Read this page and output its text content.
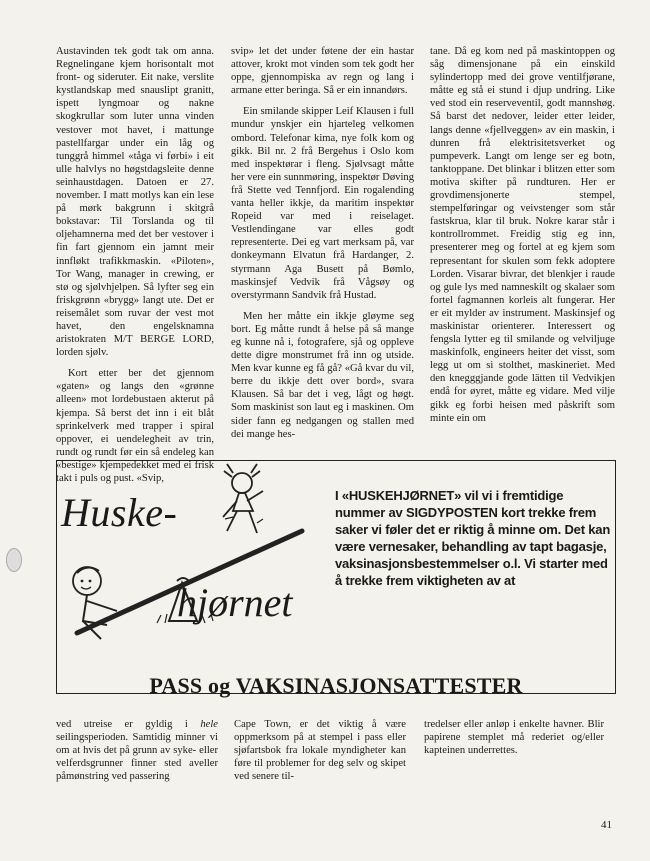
Austavinden tek godt tak om anna. Regnelingane kjem horisontalt mot front- og sideruter. Eit nake, verslite kystlandskap med snauslipt granitt, ispett lyngmoar og nakne skogkrullar som luter unna vinden vestover mot havet, i mattunge pastellfargar under ein låg og tunggrå himmel «tåga vi førbi» i eit ulle halvlys no høgstdagsleite denne seinhaustdagen. Datoen er 27. november. I matt motlys kan ein lese på mørk bakgrunn i skitgrå bokstavar: Til Torslanda og til oljehamnerna med det ber vestover i fin fart gjennom ein jamnt meir innfløkt trafikkmaskin. «Piloten», Tor Wang, manager in crewing, er stø og sjølvhjelpen. Så lyfter seg ein friskgrønn «brygg» langt ute. Det er reisemålet som ruvar der vest mot havet, den engelsknamna aristokraten M/T BERGE LORD, lorden sjølv.

Kort etter ber det gjennom «gaten» og langs den «grønne alleen» mot lordebustaen akterut på kjempa. Så berst det inn i eit blåt sprinkelverk med trapper i spiral oppover, ei uendelegheit av trin, rundt og rundt før ein så endeleg kan «bestige» kjempedekket med ei frisk takt i puls og pust. «Svip,

svip» let det under føtene der ein hastar attover, krokt mot vinden som tek godt her oppe, gjennompiska av regn og lang i armane etter beringa. Så er ein innandørs.

Ein smilande skipper Leif Klausen i full mundur ynskjer ein hjarteleg velkomen ombord. Telefonar kima, nye folk kom og gikk. Bil nr. 2 frå Bergehus i Oslo kom med inspektørar i fleng. Sjølvsagt måtte her vere ein sunnmøring, inspektør Døving frå Stette ved Tennfjord. Ein rogalending vanta heller ikkje, da maritim inspektør Ropeid var med i reiselaget. Vestlendingane var elles godt representerte. Dei eg vart merksam på, var donkeymann Elvatun frå Hardanger, 2. styrmann Aga Busett på Bømlo, maskinsjef Vedvik frå Vågsøy og overstyrmann Sandvik frå Hustad.

Men her måtte ein ikkje gløyme seg bort. Eg måtte rundt å helse på så mange eg kunne nå i, fotografere, sjå og oppleve dette digre monstrumet frå inn og utside. Men kvar kunne eg få gå? «Gå kvar du vil, berre du ikkje dett over bord», svara Klausen. Så bar det i veg, lågt og høgt. Som maskinist son laut eg i maskinen. Om sider fann eg nedgangen og stallen med dei mange hes-

tane. Då eg kom ned på maskintoppen og såg dimensjonane på ein einskild sylindertopp med dei grove ventilfjørane, måtte eg stå ei stund i djup undring. Like ved stod ein reserveventil, godt mannshøg. Så barst det nedover, leider etter leider, langs denne «fjellveggen» av ein maskin, i dunren frå elektrisitetsverket og pumpeverk. Langt om lenge ser eg botn, tanktoppane. Det blinkar i blitzen etter som motiva skifter på rundturen. Her er grovdimensjonerte stempel, stempelføringar og veivstenger som står fastskrua, klar til bruk. Nokre karar står i kontrollrommet. Freidig stig eg inn, presenterer meg og fortel at eg kjem som representant for skulen som fekk adoptere Lorden. Visarar bivrar, det blenkjer i raude og gule lys med namneskilt og skalaer som fortel fagmannen korleis alt fungerar. Her er eit mylder av instrument. Maskinsjef og maskinistar orienterer. Interessert og fengsla lytter eg til smilande og velviljuge maskinfolk, engineers heiter det visst, som legg ut om si stolthet, maskineriet. Med den knegggjande gode lätten til Vedvikjen endå for øyret, måtte eg vidare. Med vilje gikk eg forbi heisen med påskrift som minte ein om

Huske-
hjørnet
I «HUSKEHJØRNET» vil vi i fremtidige nummer av SIGDYPOSTEN kort trekke frem saker vi føler det er riktig å minne om. Det kan være vernesaker, behandling av tapt bagasje, vaksinasjonsbestemmelser o.l. Vi starter med å trekke frem viktigheten av at
PASS og VAKSINASJONSATTESTER

ved utreise er gyldig i hele seilingsperioden. Samtidig minner vi om at hvis det på grunn av syke- eller velferdsgrunner finner sted aveller påmønstring ved passering

Cape Town, er det viktig å være oppmerksom på at stempel i pass eller sjøfartsbok fra lokale myndigheter kan føre til problemer for deg selv og skipet ved senere til-

tredelser eller anløp i enkelte havner. Blir papirene stemplet må rederiet og/eller kapteinen underrettes.

41
